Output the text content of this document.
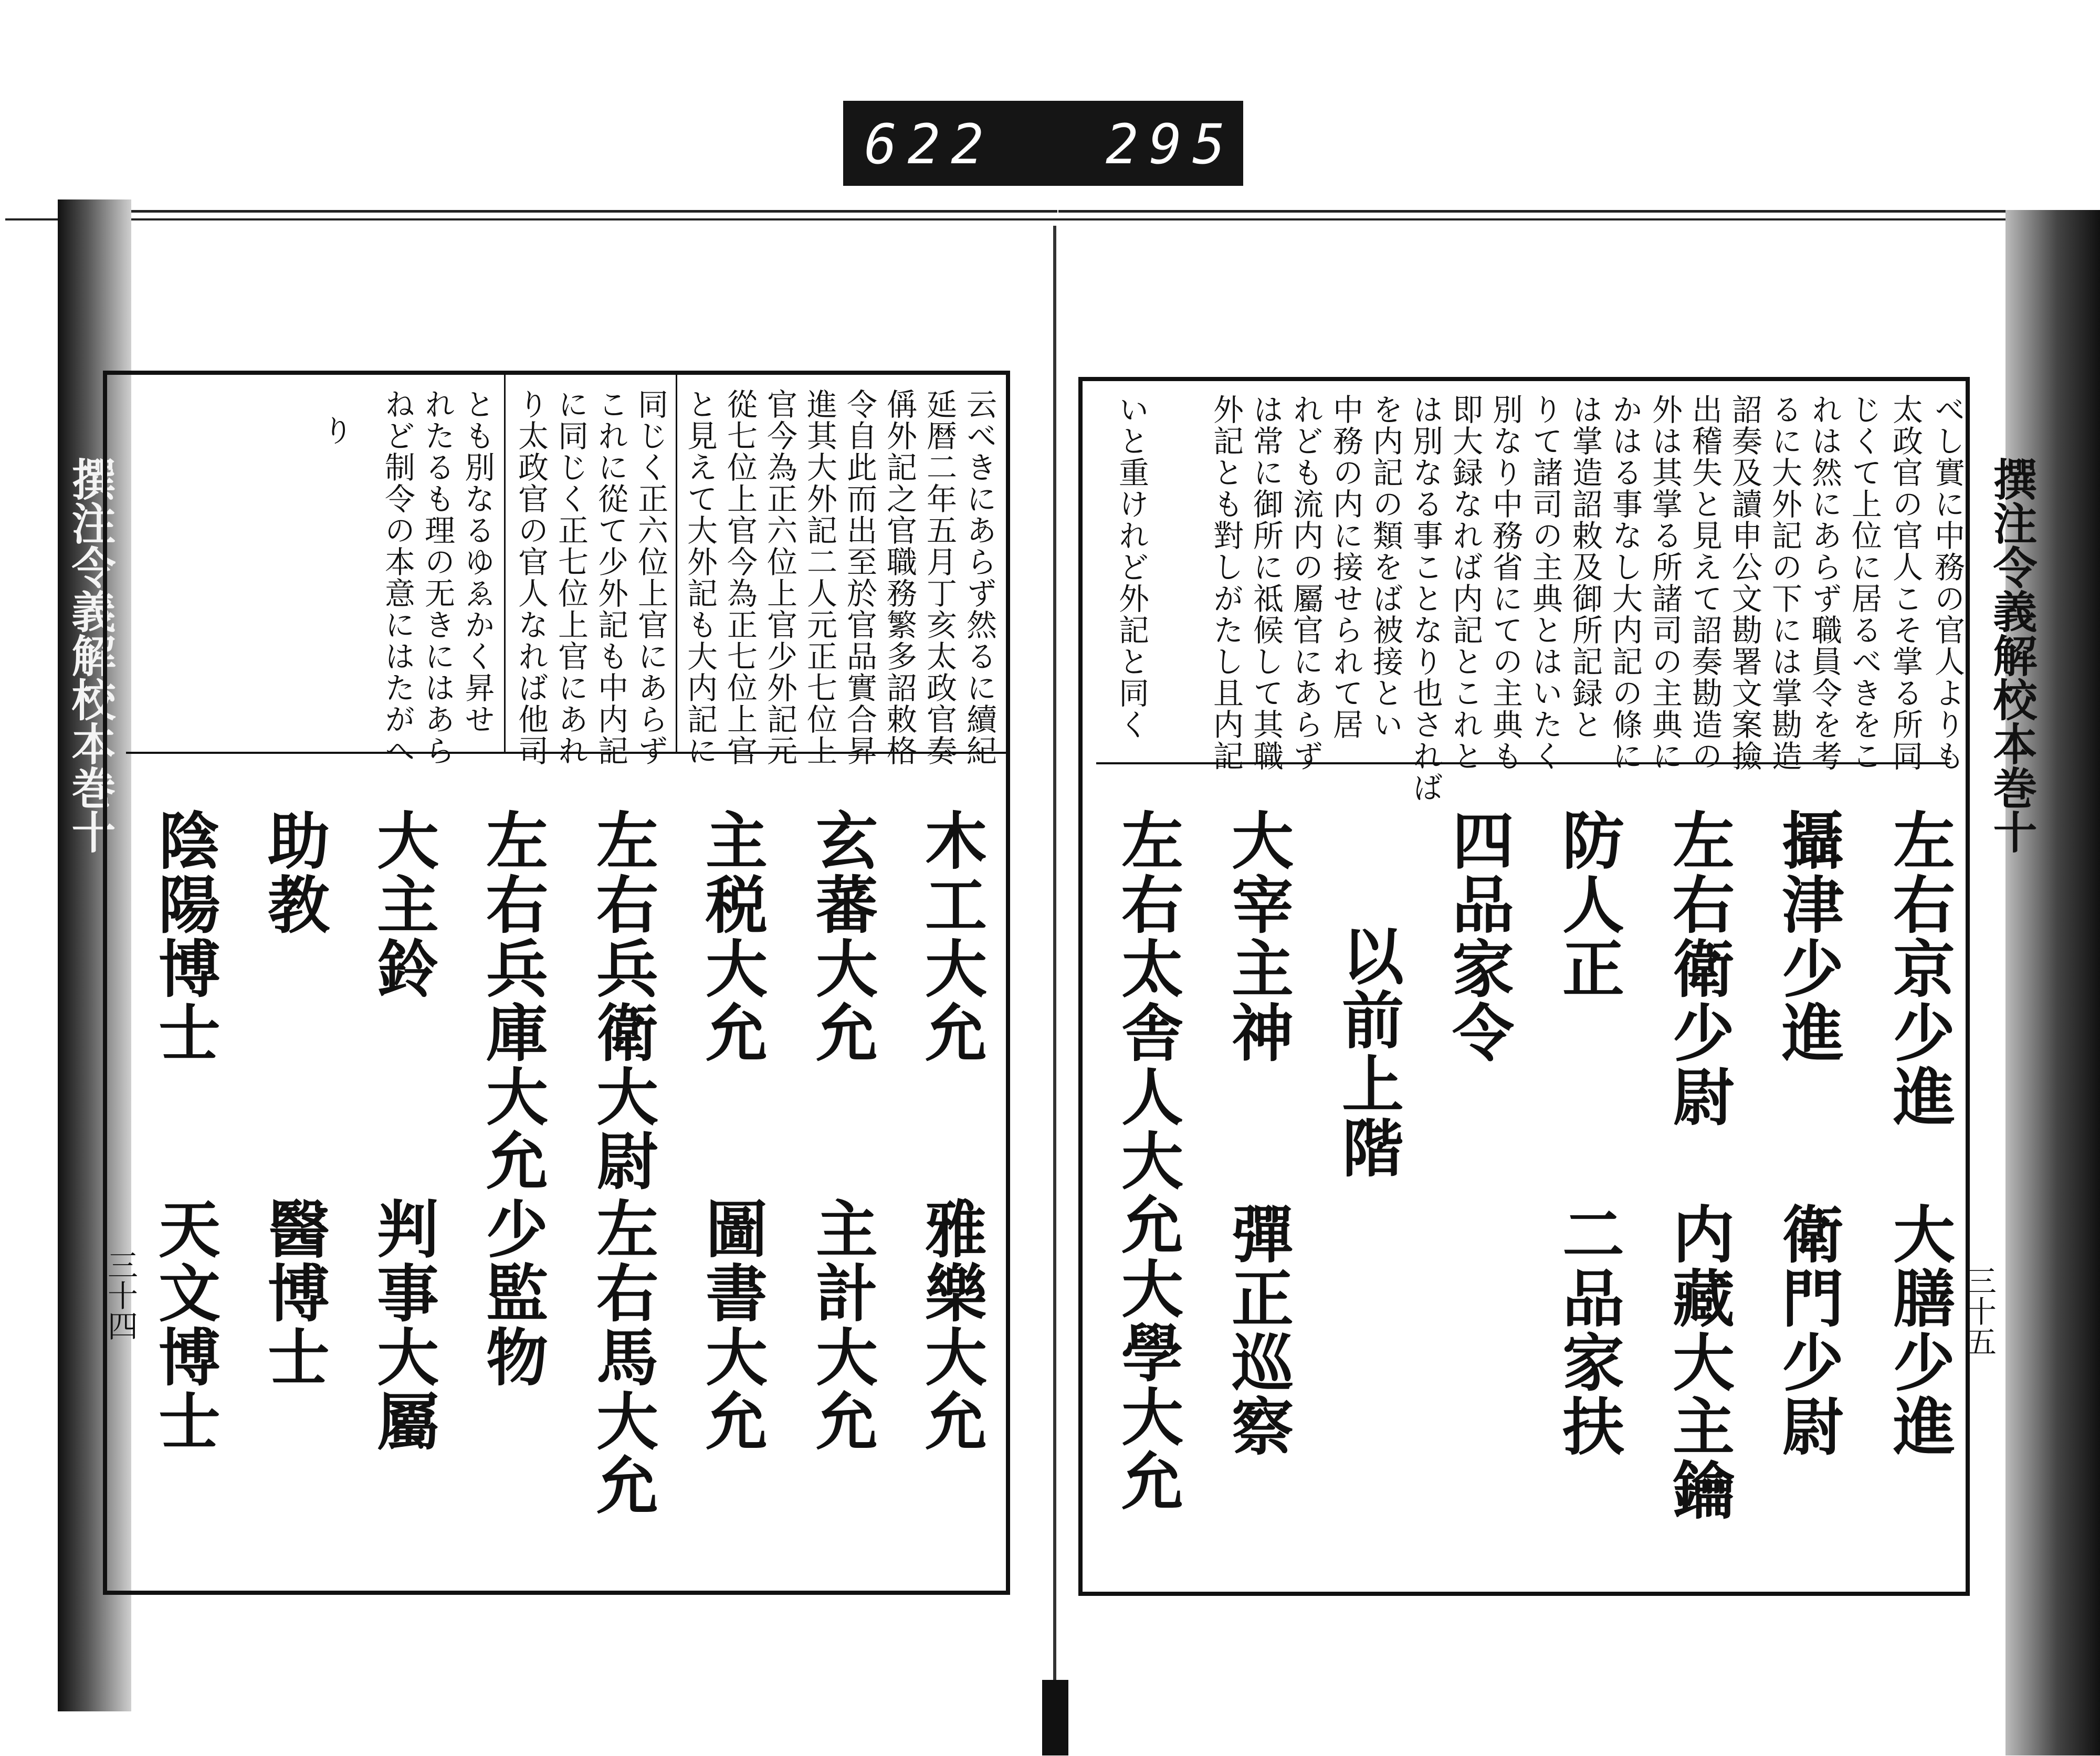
622 295.
撰注令義解校本巻十
三十四
撰注令義解校本巻十
三十五
べし實に中務の官人よりも
太政官の官人こそ掌る所同
じくて上位に居るべきをこ
れは然にあらず職員令を考
るに大外記の下には掌勘造
詔奏及讀申公文勘署文案撿
出稽失と見えて詔奏勘造の
外は其掌る所諸司の主典に
かはる事なし大内記の條に
は掌造詔敕及御所記録と
りて諸司の主典とはいたく
別なり中務省にての主典も
即大録なれば内記とこれと
は別なる事ことなり也されば
を内記の類をば被接とい
中務の内に接せられて居
れども流内の屬官にあらず
は常に御所に祗候して其職
外記とも對しがたし且内記
いと重けれど外記と同く
左右京少進
大膳少進
攝津少進
衛門少尉
左右衛少尉
内藏大主鑰
防人正
二品家扶
四品家令
以前上階
大宰主神
彈正巡察
左右太舎人大允大學大允
云べきにあらず然るに續紀
延暦二年五月丁亥太政官奏
偁外記之官職務繁多詔敕格
令自此而出至於官品實合昇
進其大外記二人元正七位上
官今為正六位上官少外記元
從七位上官今為正七位上官
と見えて大外記も大内記に
同じく正六位上官にあらず
これに從て少外記も中内記
に同じく正七位上官にあれ
り太政官の官人なれば他司
とも別なるゆゑかく昇せ
れたるも理の无きにはあら
ねど制令の本意にはたがへ
り
木工大允
雅樂大允
玄蕃大允
主計大允
主税大允
圖書大允
左右兵衛大尉
左右馬大允
左右兵庫大允
少監物
大主鈴
判事大屬
助教
醫博士
陰陽博士
天文博士
